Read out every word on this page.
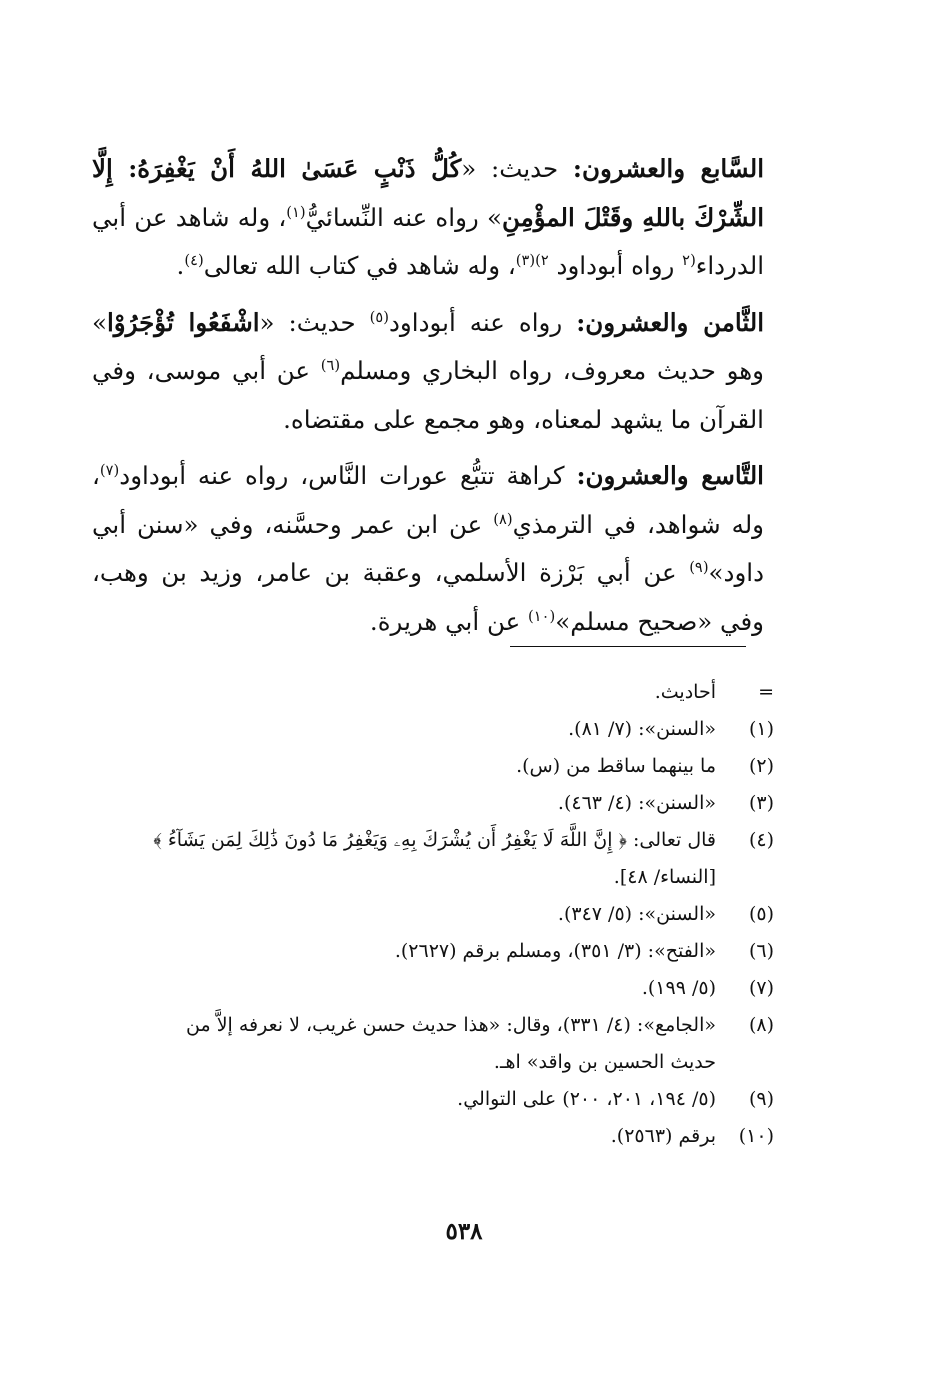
السَّابع والعشرون: حديث: «كُلُّ ذَنْبٍ عَسَىٰ اللهُ أَنْ يَغْفِرَهُ: إِلَّا الشِّرْكَ باللهِ وقَتْلَ المؤْمِنِ» رواه عنه النِّسائيُّ$^{(١)}$، وله شاهد عن أبي الدرداء$^{(٢}$ رواه أبوداود $^{٢)(٣)}$، وله شاهد في كتاب الله تعالى$^{(٤)}$.

الثَّامن والعشرون: رواه عنه أبوداود$^{(٥)}$ حديث: «اشْفَعُوا تُؤْجَرُوْا» وهو حديث معروف، رواه البخاري ومسلم$^{(٦)}$ عن أبي موسى، وفي القرآن ما يشهد لمعناه، وهو مجمع على مقتضاه.

التَّاسع والعشرون: كراهة تتبُّع عورات النَّاس، رواه عنه أبوداود$^{(٧)}$، وله شواهد، في الترمذي$^{(٨)}$ عن ابن عمر وحسَّنه، وفي «سنن أبي داود»$^{(٩)}$ عن أبي بَرْزة الأسلمي، وعقبة بن عامر، وزيد بن وهب، وفي «صحيح مسلم»$^{(١٠)}$ عن أبي هريرة.

=
أحاديث.
(١)
«السنن»: (٧/ ٨١).
(٢)
ما بينهما ساقط من (س).
(٣)
«السنن»: (٤/ ٤٦٣).
(٤)
قال تعالى: ﴿ إِنَّ اللَّهَ لَا يَغْفِرُ أَن يُشْرَكَ بِهِۦ وَيَغْفِرُ مَا دُونَ ذَٰلِكَ لِمَن يَشَآءُ ﴾
[النساء/ ٤٨].
(٥)
«السنن»: (٥/ ٣٤٧).
(٦)
«الفتح»: (٣/ ٣٥١)، ومسلم برقم (٢٦٢٧).
(٧)
(٥/ ١٩٩).
(٨)
«الجامع»: (٤/ ٣٣١)، وقال: «هذا حديث حسن غريب، لا نعرفه إلاَّ من
حديث الحسين بن واقد» اهـ.
(٩)
(٥/ ١٩٤، ٢٠١، ٢٠٠) على التوالي.
(١٠)
برقم (٢٥٦٣).
٥٣٨
